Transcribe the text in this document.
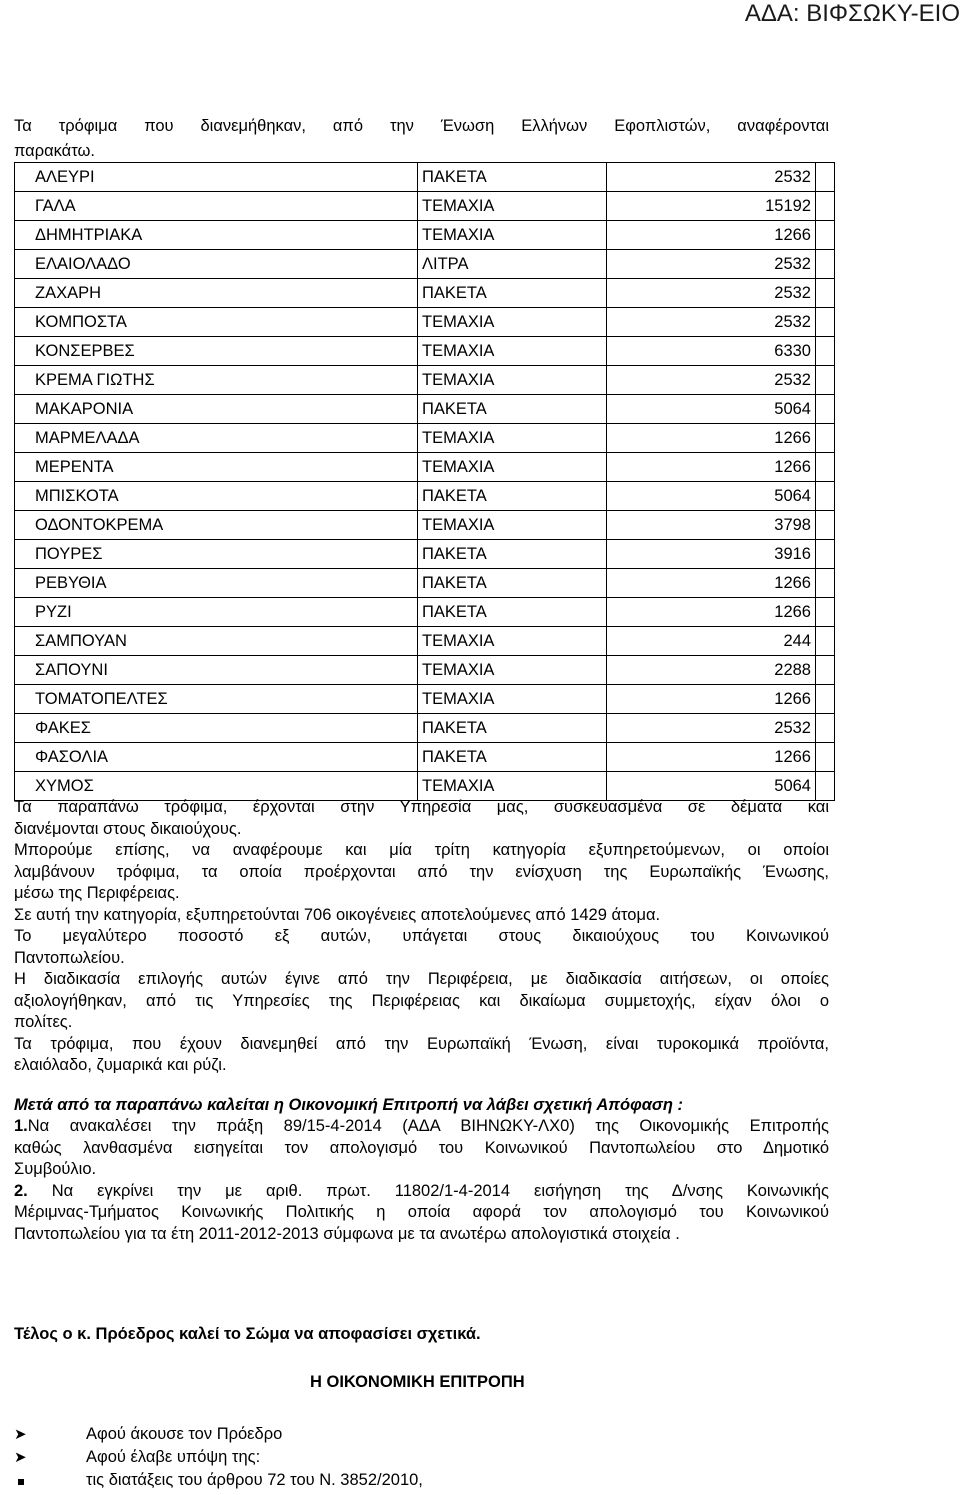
ΑΔΑ: ΒΙΦΣΩΚΥ-ΕΙΟ
Τα τρόφιμα που διανεμήθηκαν, από την Ένωση Ελλήνων Εφοπλιστών, αναφέρονται
παρακάτω.
ΑΛΕΥΡΙ	ΠΑΚΕΤΑ	2532	
ΓΑΛΑ	ΤΕΜΑΧΙΑ	15192	
ΔΗΜΗΤΡΙΑΚΑ	ΤΕΜΑΧΙΑ	1266	
ΕΛΑΙΟΛΑΔΟ	ΛΙΤΡΑ	2532	
ΖΑΧΑΡΗ	ΠΑΚΕΤΑ	2532	
ΚΟΜΠΟΣΤΑ	ΤΕΜΑΧΙΑ	2532	
ΚΟΝΣΕΡΒΕΣ	ΤΕΜΑΧΙΑ	6330	
ΚΡΕΜΑ ΓΙΩΤΗΣ	ΤΕΜΑΧΙΑ	2532	
ΜΑΚΑΡΟΝΙΑ	ΠΑΚΕΤΑ	5064	
ΜΑΡΜΕΛΑΔΑ	ΤΕΜΑΧΙΑ	1266	
ΜΕΡΕΝΤΑ	ΤΕΜΑΧΙΑ	1266	
ΜΠΙΣΚΟΤΑ	ΠΑΚΕΤΑ	5064	
ΟΔΟΝΤΟΚΡΕΜΑ	ΤΕΜΑΧΙΑ	3798	
ΠΟΥΡΕΣ	ΠΑΚΕΤΑ	3916	
ΡΕΒΥΘΙΑ	ΠΑΚΕΤΑ	1266	
ΡΥΖΙ	ΠΑΚΕΤΑ	1266	
ΣΑΜΠΟΥΑΝ	ΤΕΜΑΧΙΑ	244	
ΣΑΠΟΥΝΙ	ΤΕΜΑΧΙΑ	2288	
ΤΟΜΑΤΟΠΕΛΤΕΣ	ΤΕΜΑΧΙΑ	1266	
ΦΑΚΕΣ	ΠΑΚΕΤΑ	2532	
ΦΑΣΟΛΙΑ	ΠΑΚΕΤΑ	1266	
ΧΥΜΟΣ	ΤΕΜΑΧΙΑ	5064	

Τα παραπάνω τρόφιμα, έρχονται στην Υπηρεσία μας, συσκευασμένα σε δέματα και

διανέμονται στους δικαιούχους.

Μπορούμε επίσης, να αναφέρουμε και μία τρίτη κατηγορία εξυπηρετούμενων, οι οποίοι

λαμβάνουν τρόφιμα, τα οποία προέρχονται από την ενίσχυση της Ευρωπαϊκής Ένωσης,

μέσω της Περιφέρειας.

Σε αυτή την κατηγορία, εξυπηρετούνται 706 οικογένειες αποτελούμενες από 1429 άτομα.

Το μεγαλύτερο ποσοστό εξ αυτών, υπάγεται στους δικαιούχους του Κοινωνικού

Παντοπωλείου.

Η διαδικασία επιλογής αυτών έγινε από την Περιφέρεια, με διαδικασία αιτήσεων, οι οποίες

αξιολογήθηκαν, από τις Υπηρεσίες της Περιφέρειας και δικαίωμα συμμετοχής, είχαν όλοι ο

πολίτες.

Τα τρόφιμα, που έχουν διανεμηθεί από την Ευρωπαϊκή Ένωση, είναι τυροκομικά προϊόντα,

ελαιόλαδο, ζυμαρικά και ρύζι.

Μετά από τα παραπάνω καλείται η Οικονομική Επιτροπή να λάβει σχετική Απόφαση :

1.Να ανακαλέσει την πράξη 89/15-4-2014 (ΑΔΑ ΒΙΗΝΩΚΥ-ΛΧ0) της Οικονομικής Επιτροπής

καθώς λανθασμένα εισηγείται τον απολογισμό του Κοινωνικού Παντοπωλείου στο Δημοτικό

Συμβούλιο.

2. Να εγκρίνει την με αριθ. πρωτ. 11802/1-4-2014 εισήγηση της Δ/νσης Κοινωνικής

Μέριμνας-Τμήματος Κοινωνικής Πολιτικής η οποία αφορά τον απολογισμό του Κοινωνικού

Παντοπωλείου για τα έτη 2011-2012-2013 σύμφωνα με τα ανωτέρω απολογιστικά στοιχεία .

Τέλος ο κ. Πρόεδρος καλεί το Σώμα να αποφασίσει σχετικά.
Η ΟΙΚΟΝΟΜΙΚΗ ΕΠΙΤΡΟΠΗ
➤	Αφού άκουσε τον Πρόεδρο
➤	Αφού έλαβε υπόψη της:
τις διατάξεις του άρθρου 72 του Ν. 3852/2010,
